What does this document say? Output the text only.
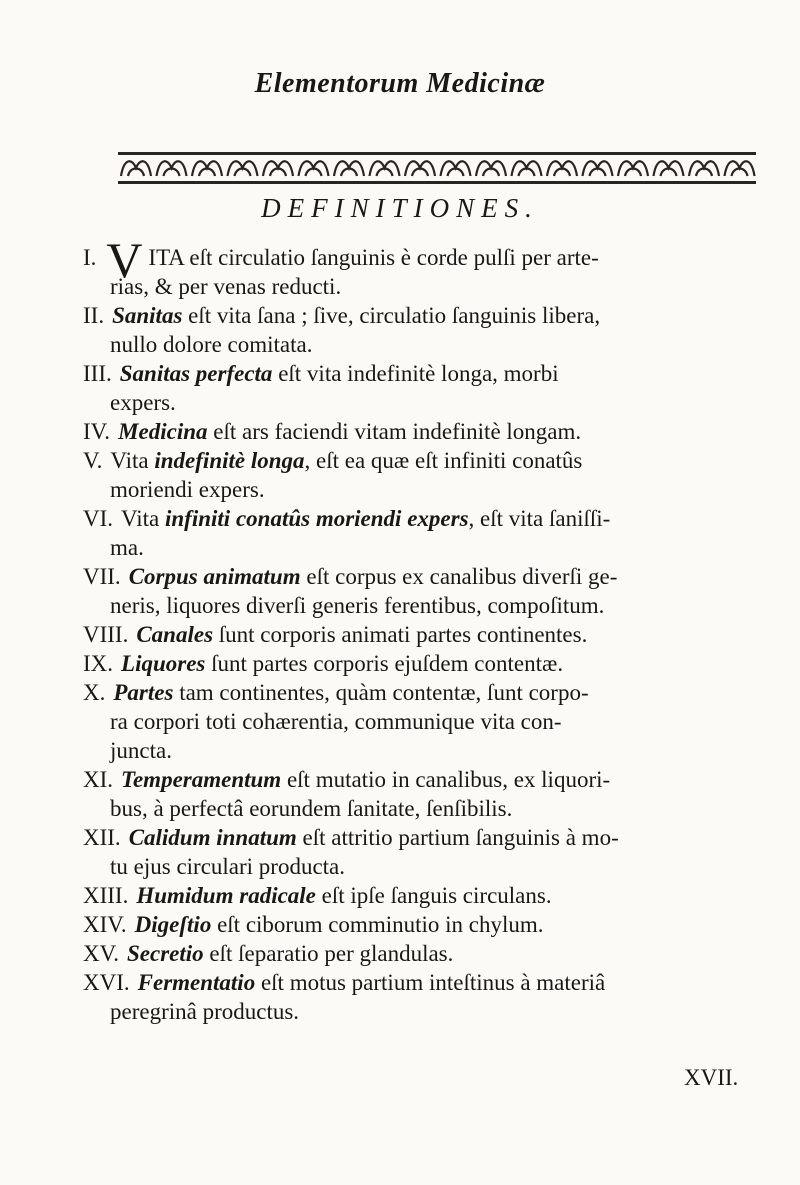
Elementorum Medicinæ
DEFINITIONES.
I. V ITA eſt circulatio ſanguinis è corde pulſi per arte-
rias, & per venas reducti.
II. Sanitas eſt vita ſana ; ſive, circulatio ſanguinis libera,
nullo dolore comitata.
III. Sanitas perfecta eſt vita indefinitè longa, morbi
expers.
IV. Medicina eſt ars faciendi vitam indefinitè longam.
V. Vita indefinitè longa, eſt ea quæ eſt infiniti conatûs
moriendi expers.
VI. Vita infiniti conatûs moriendi expers, eſt vita ſaniſſi-
ma.
VII. Corpus animatum eſt corpus ex canalibus diverſi ge-
neris, liquores diverſi generis ferentibus, compoſitum.
VIII. Canales ſunt corporis animati partes continentes.
IX. Liquores ſunt partes corporis ejuſdem contentæ.
X. Partes tam continentes, quàm contentæ, ſunt corpo-
ra corpori toti cohærentia, communique vita con-
juncta.
XI. Temperamentum eſt mutatio in canalibus, ex liquori-
bus, à perfectâ eorundem ſanitate, ſenſibilis.
XII. Calidum innatum eſt attritio partium ſanguinis à mo-
tu ejus circulari producta.
XIII. Humidum radicale eſt ipſe ſanguis circulans.
XIV. Digeſtio eſt ciborum comminutio in chylum.
XV. Secretio eſt ſeparatio per glandulas.
XVI. Fermentatio eſt motus partium inteſtinus à materiâ
peregrinâ productus.
XVII.
